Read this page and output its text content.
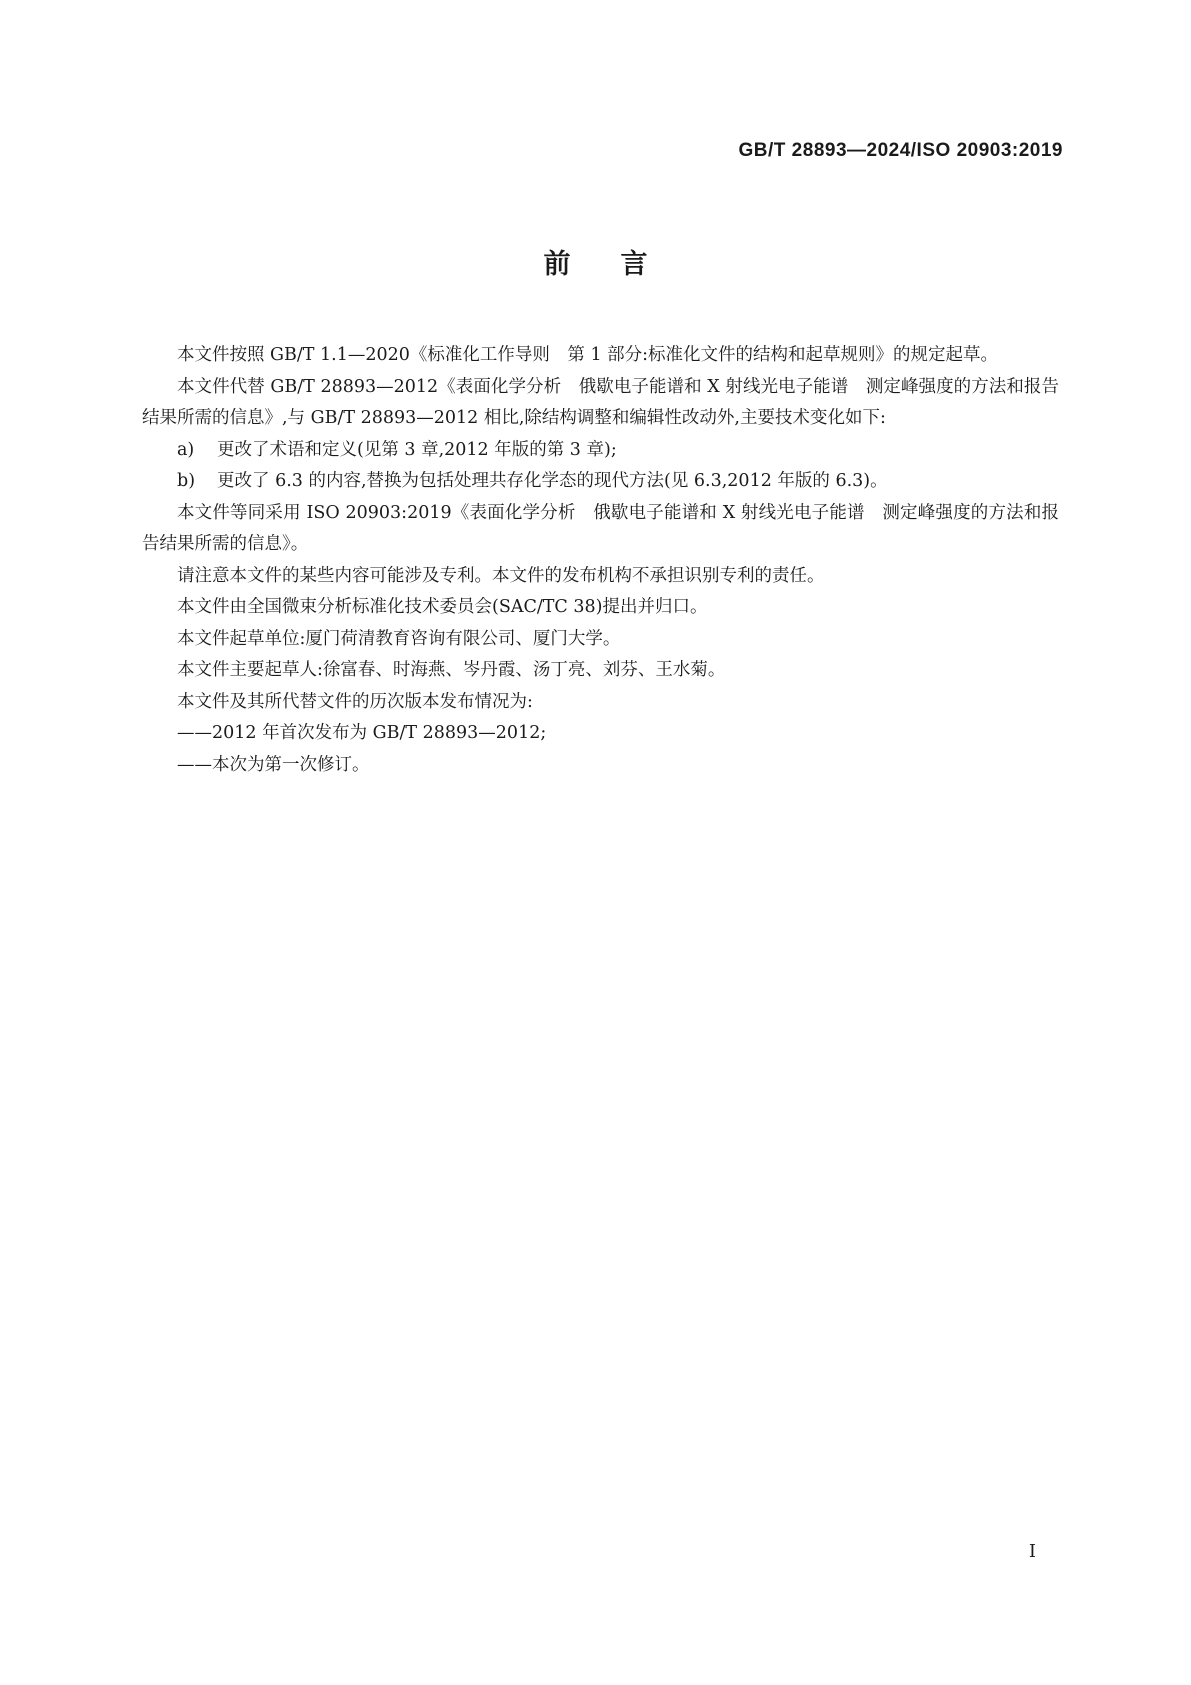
GB/T 28893—2024/ISO 20903:2019
前言

本文件按照 GB/T 1.1—2020《标准化工作导则　第 1 部分:标准化文件的结构和起草规则》的规定起草。

本文件代替 GB/T 28893—2012《表面化学分析　俄歇电子能谱和 X 射线光电子能谱　测定峰强度的方法和报告结果所需的信息》,与 GB/T 28893—2012 相比,除结构调整和编辑性改动外,主要技术变化如下:

a) 更改了术语和定义(见第 3 章,2012 年版的第 3 章);

b) 更改了 6.3 的内容,替换为包括处理共存化学态的现代方法(见 6.3,2012 年版的 6.3)。

本文件等同采用 ISO 20903:2019《表面化学分析　俄歇电子能谱和 X 射线光电子能谱　测定峰强度的方法和报告结果所需的信息》。

请注意本文件的某些内容可能涉及专利。本文件的发布机构不承担识别专利的责任。

本文件由全国微束分析标准化技术委员会(SAC/TC 38)提出并归口。

本文件起草单位:厦门荷清教育咨询有限公司、厦门大学。

本文件主要起草人:徐富春、时海燕、岑丹霞、汤丁亮、刘芬、王水菊。

本文件及其所代替文件的历次版本发布情况为:

——2012 年首次发布为 GB/T 28893—2012;

——本次为第一次修订。

I
